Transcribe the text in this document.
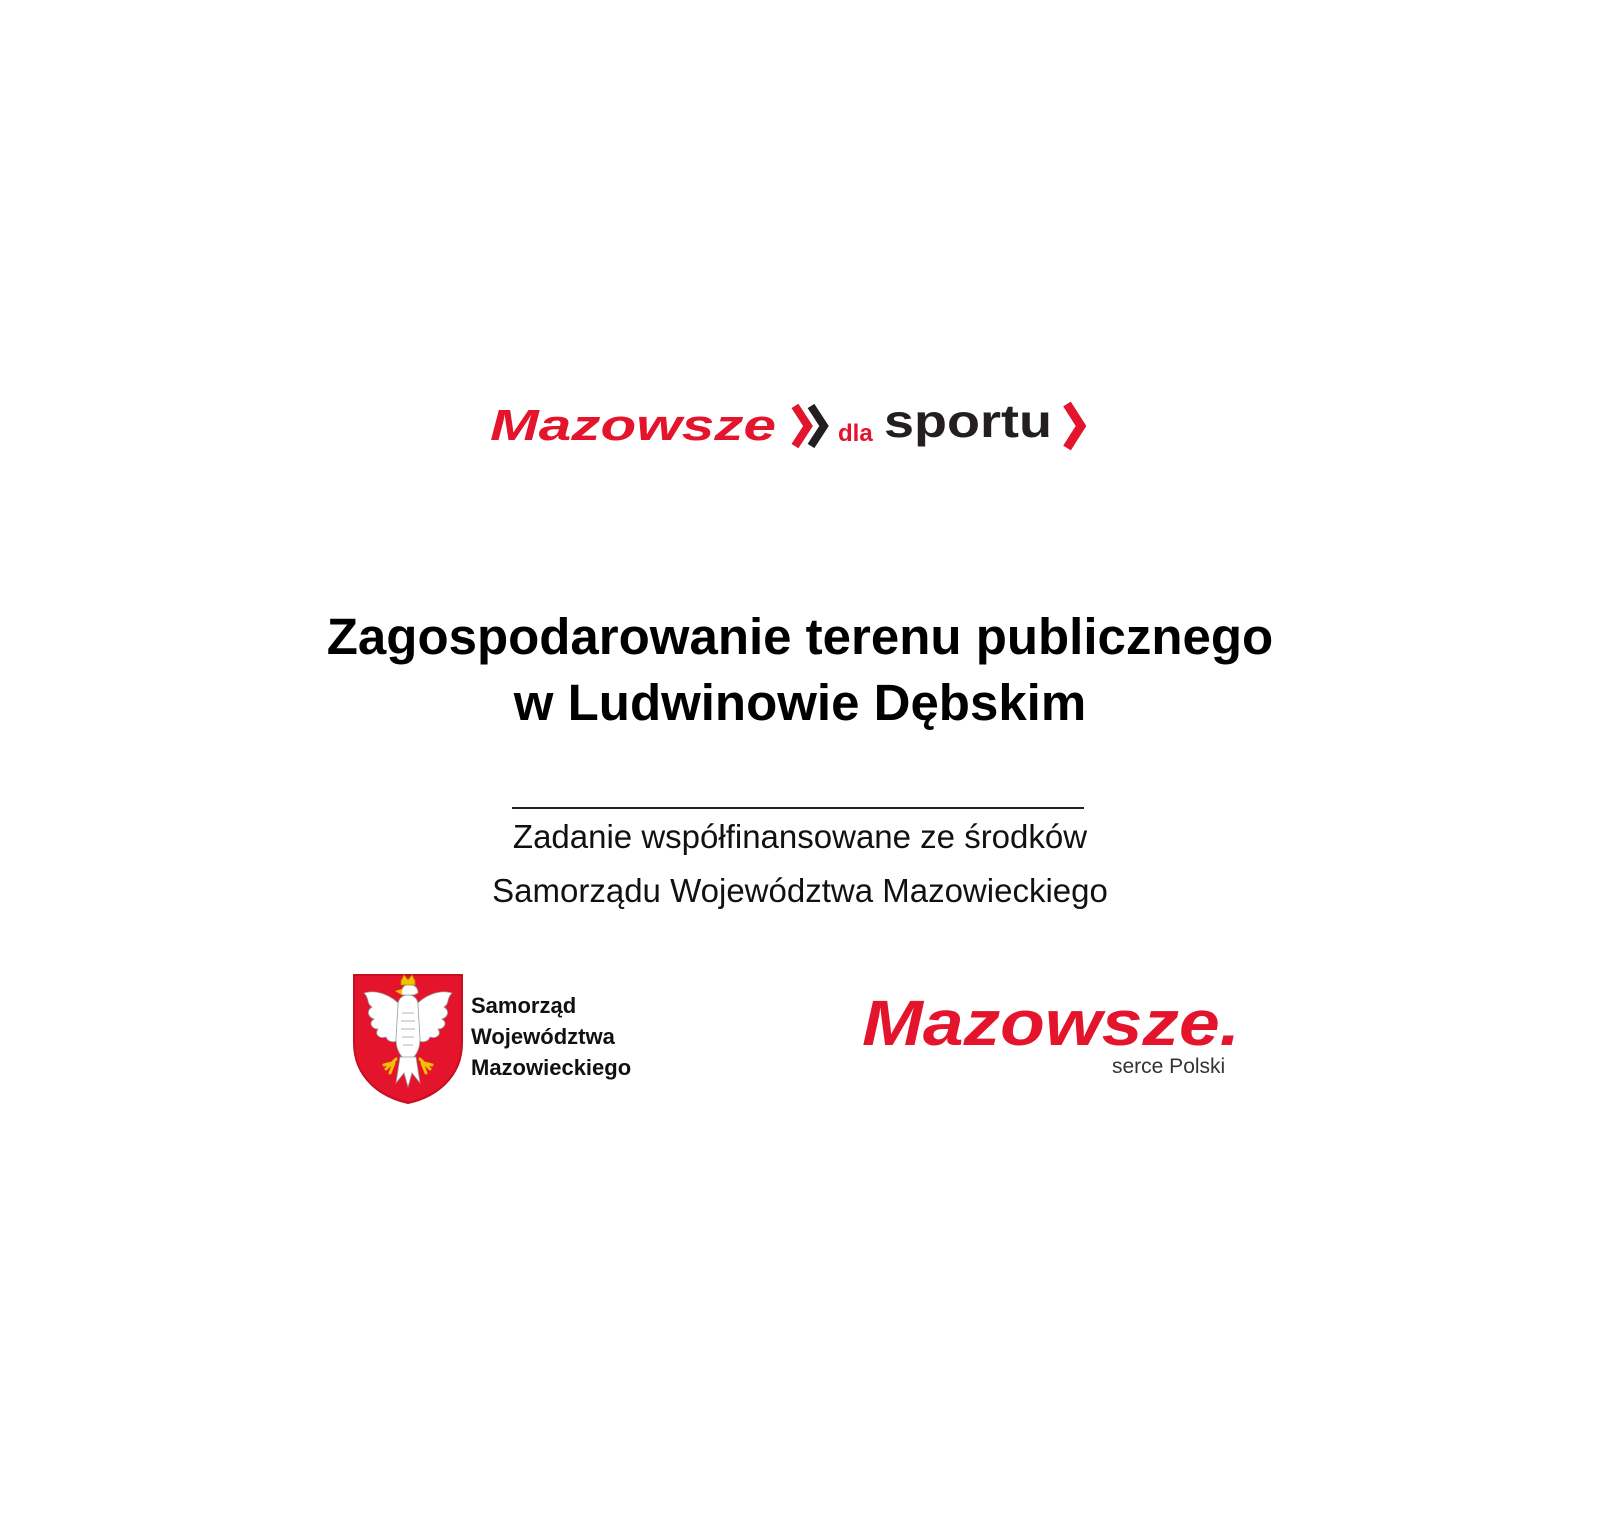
Mazowsze	dla sportu
Zagospodarowanie terenu publicznego
w Ludwinowie Dębskim
Zadanie współfinansowane ze środków
Samorządu Województwa Mazowieckiego
Samorząd
Województwa
Mazowieckiego
Mazowsze.
serce Polski
